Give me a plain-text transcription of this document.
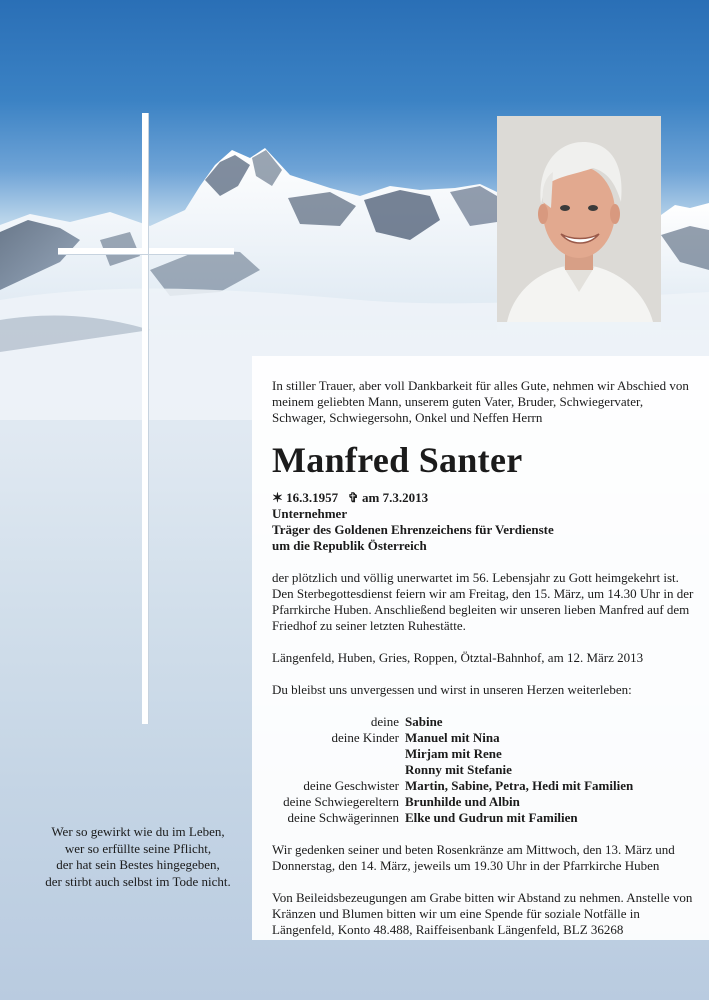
In stiller Trauer, aber voll Dankbarkeit für alles Gute, nehmen wir Abschied von meinem geliebten Mann, unserem guten Vater, Bruder, Schwiegervater, Schwager, Schwiegersohn, Onkel und Neffen Herrn

Manfred Santer
✶ 16.3.1957 ✞ am 7.3.2013
Unternehmer
Träger des Goldenen Ehrenzeichens für Verdienste
um die Republik Österreich

der plötzlich und völlig unerwartet im 56. Lebensjahr zu Gott heimgekehrt ist. Den Sterbegottesdienst feiern wir am Freitag, den 15. März, um 14.30 Uhr in der Pfarrkirche Huben. Anschließend begleiten wir unseren lieben Manfred auf dem Friedhof zu seiner letzten Ruhestätte.

Längenfeld, Huben, Gries, Roppen, Ötztal-Bahnhof, am 12. März 2013

Du bleibst uns unvergessen und wirst in unseren Herzen weiterleben:

deine Sabine
deine Kinder Manuel mit Nina
Mirjam mit Rene
Ronny mit Stefanie
deine Geschwister Martin, Sabine, Petra, Hedi mit Familien
deine Schwiegereltern Brunhilde und Albin
deine Schwägerinnen Elke und Gudrun mit Familien

Wir gedenken seiner und beten Rosenkränze am Mittwoch, den 13. März und Donnerstag, den 14. März, jeweils um 19.30 Uhr in der Pfarrkirche Huben

Von Beileidsbezeugungen am Grabe bitten wir Abstand zu nehmen. Anstelle von Kränzen und Blumen bitten wir um eine Spende für soziale Notfälle in Längenfeld, Konto 48.488, Raiffeisenbank Längenfeld, BLZ 36268

Wer so gewirkt wie du im Leben,
wer so erfüllte seine Pflicht,
der hat sein Bestes hingegeben,
der stirbt auch selbst im Tode nicht.
